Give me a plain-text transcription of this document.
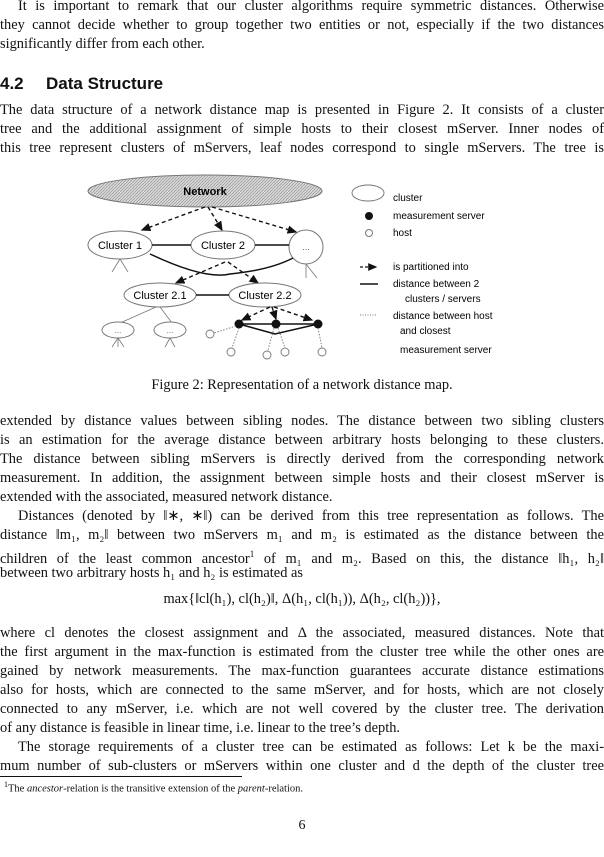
It is important to remark that our cluster algorithms require symmetric distances. Otherwise
they cannot decide whether to group together two entities or not, especially if the two distances
significantly differ from each other.
4.2 Data Structure
The data structure of a network distance map is presented in Figure 2. It consists of a cluster
tree and the additional assignment of simple hosts to their closest mServer. Inner nodes of
this tree represent clusters of mServers, leaf nodes correspond to single mServers. The tree is
Network
Cluster 1	Cluster 2	...
Cluster 2.1	Cluster 2.2
...	...
cluster
measurement server
host
is partitioned into
distance between 2
clusters / servers
distance between host
and closest
measurement server
Figure 2: Representation of a network distance map.
extended by distance values between sibling nodes. The distance between two sibling clusters
is an estimation for the average distance between arbitrary hosts belonging to these clusters.
The distance between sibling mServers is directly derived from the corresponding network
measurement. In addition, the assignment between simple hosts and their closest mServer is
extended with the associated, measured network distance.
Distances (denoted by ‖∗, ∗‖) can be derived from this tree representation as follows. The
distance ‖m₁, m₂‖ between two mServers m₁ and m₂ is estimated as the distance between the
children of the least common ancestor$^1$ of m₁ and m₂. Based on this, the distance ‖h₁, h₂‖
between two arbitrary hosts h₁ and h₂ is estimated as
max{‖cl(h₁), cl(h₂)‖, Δ(h₁, cl(h₁)), Δ(h₂, cl(h₂))},
where cl denotes the closest assignment and Δ the associated, measured distances. Note that
the first argument in the max-function is estimated from the cluster tree while the other ones are
gained by network measurements. The max-function guarantees accurate distance estimations
also for hosts, which are connected to the same mServer, and for hosts, which are not closely
connected to any mServer, i.e. which are not well covered by the cluster tree. The derivation
of any distance is feasible in linear time, i.e. linear to the tree’s depth.
The storage requirements of a cluster tree can be estimated as follows: Let k be the maxi-
mum number of sub-clusters or mServers within one cluster and d the depth of the cluster tree
$^1$The ancestor-relation is the transitive extension of the parent-relation.
6
